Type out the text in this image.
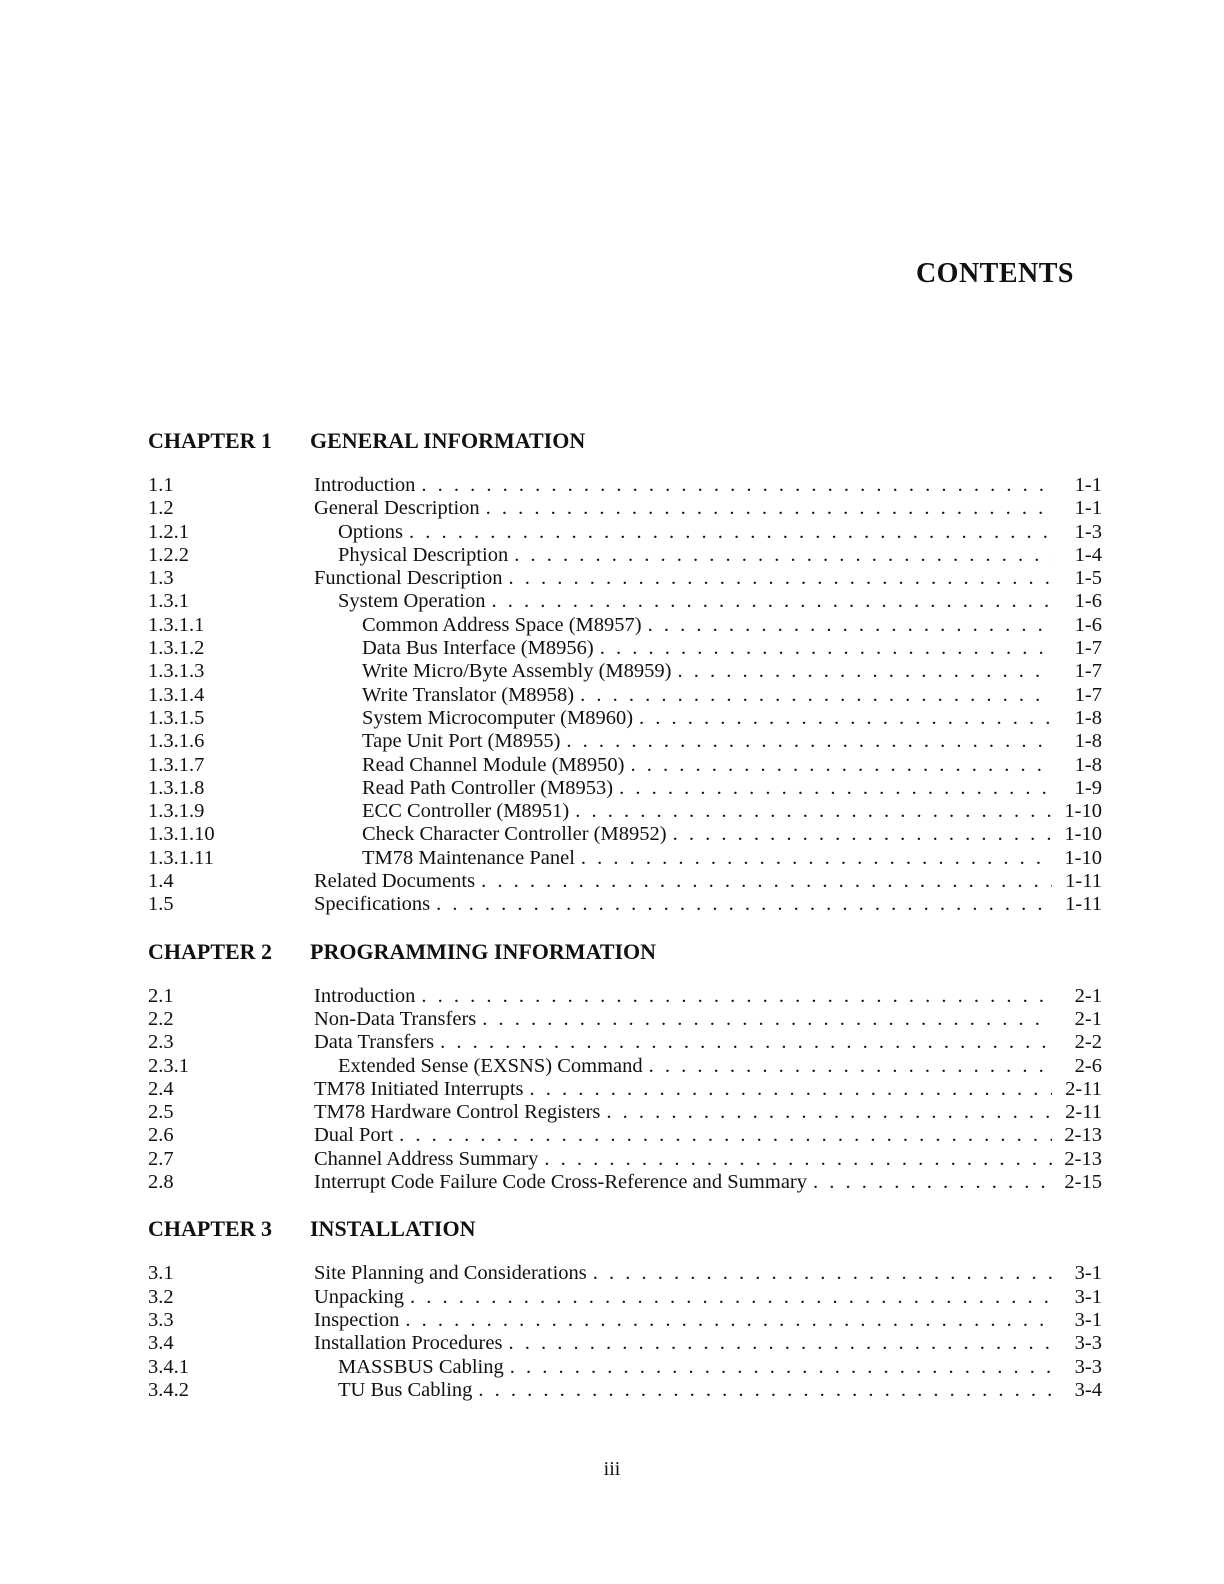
CONTENTS
CHAPTER 1	GENERAL INFORMATION
1.1	Introduction . . .	1-1
1.2	General Description . . .	1-1
1.2.1	Options . . .	1-3
1.2.2	Physical Description . . .	1-4
1.3	Functional Description . . .	1-5
1.3.1	System Operation . . .	1-6
1.3.1.1	Common Address Space (M8957) . . .	1-6
1.3.1.2	Data Bus Interface (M8956) . . .	1-7
1.3.1.3	Write Micro/Byte Assembly (M8959) . . .	1-7
1.3.1.4	Write Translator (M8958) . . .	1-7
1.3.1.5	System Microcomputer (M8960) . . .	1-8
1.3.1.6	Tape Unit Port (M8955) . . .	1-8
1.3.1.7	Read Channel Module (M8950) . . .	1-8
1.3.1.8	Read Path Controller (M8953) . . .	1-9
1.3.1.9	ECC Controller (M8951) . . .	1-10
1.3.1.10	Check Character Controller (M8952) . . .	1-10
1.3.1.11	TM78 Maintenance Panel . . .	1-10
1.4	Related Documents . . .	1-11
1.5	Specifications . . .	1-11
CHAPTER 2	PROGRAMMING INFORMATION
2.1	Introduction . . .	2-1
2.2	Non-Data Transfers . . .	2-1
2.3	Data Transfers . . .	2-2
2.3.1	Extended Sense (EXSNS) Command . . .	2-6
2.4	TM78 Initiated Interrupts . . .	2-11
2.5	TM78 Hardware Control Registers . . .	2-11
2.6	Dual Port . . .	2-13
2.7	Channel Address Summary . . .	2-13
2.8	Interrupt Code Failure Code Cross-Reference and Summary . . .	2-15
CHAPTER 3	INSTALLATION
3.1	Site Planning and Considerations . . .	3-1
3.2	Unpacking . . .	3-1
3.3	Inspection . . .	3-1
3.4	Installation Procedures . . .	3-3
3.4.1	MASSBUS Cabling . . .	3-3
3.4.2	TU Bus Cabling . . .	3-4
iii
